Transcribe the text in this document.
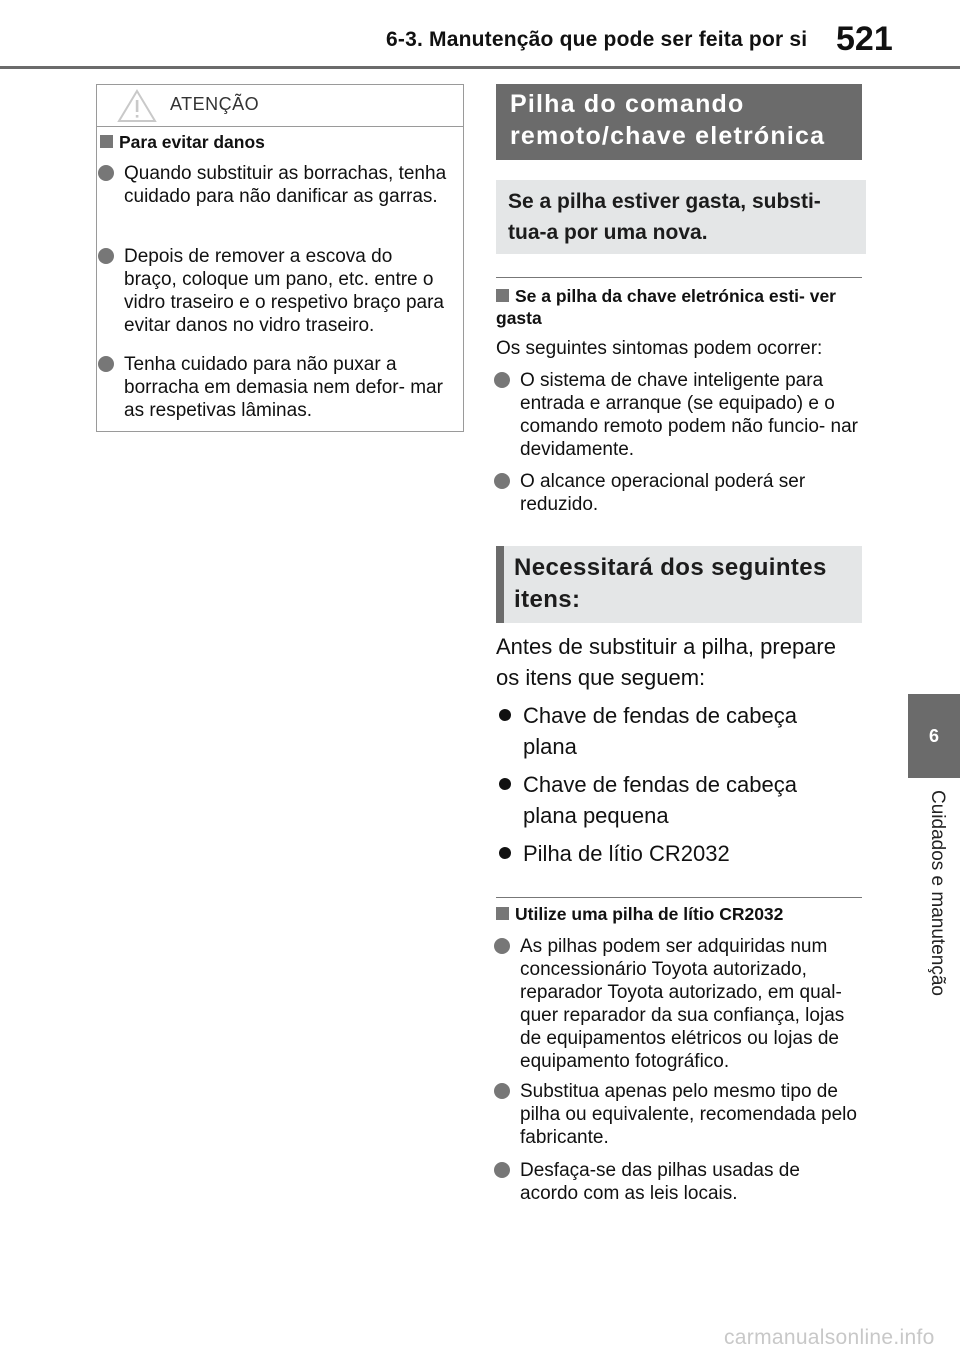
6-3. Manutenção que pode ser feita por si 521
6
Cuidados e manutenção
ATENÇÃO
Para evitar danos
Quando substituir as borrachas, tenha cuidado para não danificar as garras.
Depois de remover a escova do braço, coloque um pano, etc. entre o vidro traseiro e o respetivo braço para evitar danos no vidro traseiro.
Tenha cuidado para não puxar a borracha em demasia nem defor- mar as respetivas lâminas.
Pilha do comando remoto/chave eletrónica
Se a pilha estiver gasta, substi- tua-a por uma nova.
Se a pilha da chave eletrónica esti- ver gasta
Os seguintes sintomas podem ocorrer:
O sistema de chave inteligente para entrada e arranque (se equipado) e o comando remoto podem não funcio- nar devidamente.
O alcance operacional poderá ser reduzido.
Necessitará dos seguintes itens:
Antes de substituir a pilha, prepare os itens que seguem:
Chave de fendas de cabeça plana
Chave de fendas de cabeça plana pequena
Pilha de lítio CR2032
Utilize uma pilha de lítio CR2032
As pilhas podem ser adquiridas num concessionário Toyota autorizado, reparador Toyota autorizado, em qual- quer reparador da sua confiança, lojas de equipamentos elétricos ou lojas de equipamento fotográfico.
Substitua apenas pelo mesmo tipo de pilha ou equivalente, recomendada pelo fabricante.
Desfaça-se das pilhas usadas de acordo com as leis locais.
carmanualsonline.info
